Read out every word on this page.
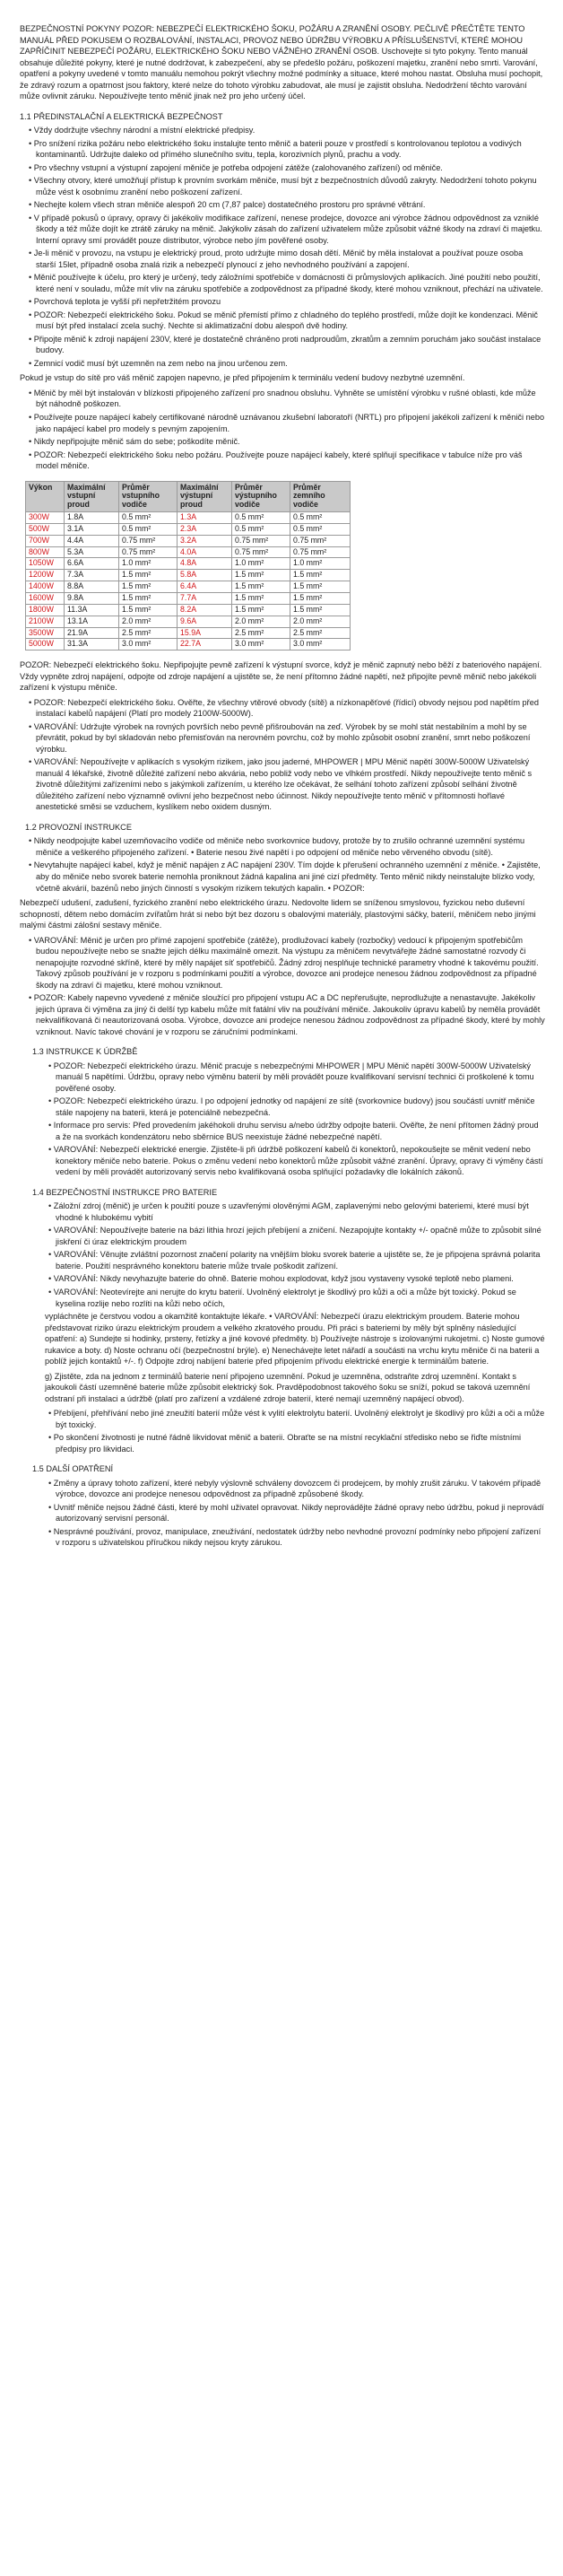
BEZPEČNOSTNÍ POKYNY POZOR: NEBEZPEČÍ ELEKTRICKÉHO ŠOKU, POŽÁRU A ZRANĚNÍ OSOBY. PEČLIVĚ PŘEČTĚTE TENTO MANUÁL PŘED POKUSEM O ROZBALOVÁNÍ, INSTALACI, PROVOZ NEBO ÚDRŽBU VÝROBKU A PŘÍSLUŠENSTVÍ, KTERÉ MOHOU ZAPŘÍČINIT NEBEZPEČÍ POŽÁRU, ELEKTRICKÉHO ŠOKU NEBO VÁŽNÉHO ZRANĚNÍ OSOB. Uschovejte si tyto pokyny. Tento manuál obsahuje důležité pokyny, které je nutné dodržovat, k zabezpečení, aby se předešlo požáru, poškození majetku, zranění nebo smrti. Varování, opatření a pokyny uvedené v tomto manuálu nemohou pokrýt všechny možné podmínky a situace, které mohou nastat. Obsluha musí pochopit, že zdravý rozum a opatrnost jsou faktory, které nelze do tohoto výrobku zabudovat, ale musí je zajistit obsluha. Nedodržení těchto varování může ovlivnit záruku. Nepoužívejte tento měnič jinak než pro jeho určený účel.

1.1 PŘEDINSTALAČNÍ A ELEKTRICKÁ BEZPEČNOST

• Vždy dodržujte všechny národní a místní elektrické předpisy.

• Pro snížení rizika požáru nebo elektrického šoku instalujte tento měnič a baterii pouze v prostředí s kontrolovanou teplotou a vodivých kontaminantů. Udržujte daleko od přímého slunečního svitu, tepla, korozivních plynů, prachu a vody.

• Pro všechny vstupní a výstupní zapojení měniče je potřeba odpojení zátěže (zalohovaného zařízení) od měniče.

• Všechny otvory, které umožňují přístup k provním svorkám měniče, musí být z bezpečnostních důvodů zakryty. Nedodržení tohoto pokynu může vést k osobnímu zranění nebo poškození zařízení.

• Nechejte kolem všech stran měniče alespoň 20 cm (7,87 palce) dostatečného prostoru pro správné větrání.

• V případě pokusů o úpravy, opravy či jakékoliv modifikace zařízení, nenese prodejce, dovozce ani výrobce žádnou odpovědnost za vzniklé škody a též může dojít ke ztrátě záruky na měnič. Jakýkoliv zásah do zařízení uživatelem může způsobit vážné škody na zdraví či majetku. Interní opravy smí provádět pouze distributor, výrobce nebo jím pověřené osoby.

• Je-li měnič v provozu, na vstupu je elektrický proud, proto udržujte mimo dosah dětí. Měnič by měla instalovat a používat pouze osoba starší 15let, případně osoba znalá rizik a nebezpečí plynoucí z jeho nevhodného používání a zapojení.

• Měnič používejte k účelu, pro který je určený, tedy záložními spotřebiče v domácnosti či průmyslových aplikacích. Jiné použití nebo použití, které není v souladu, může mít vliv na záruku spotřebiče a zodpovědnost za případné škody, které mohou vzniknout, přechází na uživatele.

• Povrchová teplota je vyšší při nepřetržitém provozu

• POZOR: Nebezpečí elektrického šoku. Pokud se měnič přemístí přímo z chladného do teplého prostředí, může dojít ke kondenzaci. Měnič musí být před instalací zcela suchý. Nechte si aklimatizační dobu alespoň dvě hodiny.

• Připojte měnič k zdroji napájení 230V, které je dostatečně chráněno proti nadproudům, zkratům a zemním poruchám jako součást instalace budovy.

• Zemnicí vodič musí být uzemněn na zem nebo na jinou určenou zem.

Pokud je vstup do sítě pro váš měnič zapojen napevno, je před připojením k terminálu vedení budovy nezbytné uzemnění.

• Měnič by měl být instalován v blízkosti připojeného zařízení pro snadnou obsluhu. Vyhněte se umístění výrobku v rušné oblasti, kde může být náhodně poškozen.

• Používejte pouze napájecí kabely certifikované národně uznávanou zkušební laboratoří (NRTL) pro připojení jakékoli zařízení k měniči nebo jako napájecí kabel pro modely s pevným zapojením.

• Nikdy nepřipojujte měnič sám do sebe; poškodíte měnič.

• POZOR: Nebezpečí elektrického šoku nebo požáru. Používejte pouze napájecí kabely, které splňují specifikace v tabulce níže pro váš model měniče.

Výkon	Maximální vstupní proud	Průměr vstupního vodiče	Maximální výstupní proud	Průměr výstupního vodiče	Průměr zemního vodiče
300W	1.8A	0.5 mm²	1.3A	0.5 mm²	0.5 mm²
500W	3.1A	0.5 mm²	2.3A	0.5 mm²	0.5 mm²
700W	4.4A	0.75 mm²	3.2A	0.75 mm²	0.75 mm²
800W	5.3A	0.75 mm²	4.0A	0.75 mm²	0.75 mm²
1050W	6.6A	1.0 mm²	4.8A	1.0 mm²	1.0 mm²
1200W	7.3A	1.5 mm²	5.8A	1.5 mm²	1.5 mm²
1400W	8.8A	1.5 mm²	6.4A	1.5 mm²	1.5 mm²
1600W	9.8A	1.5 mm²	7.7A	1.5 mm²	1.5 mm²
1800W	11.3A	1.5 mm²	8.2A	1.5 mm²	1.5 mm²
2100W	13.1A	2.0 mm²	9.6A	2.0 mm²	2.0 mm²
3500W	21.9A	2.5 mm²	15.9A	2.5 mm²	2.5 mm²
5000W	31.3A	3.0 mm²	22.7A	3.0 mm²	3.0 mm²

POZOR: Nebezpečí elektrického šoku. Nepřipojujte pevně zařízení k výstupní svorce, když je měnič zapnutý nebo běží z bateriového napájení. Vždy vypněte zdroj napájení, odpojte od zdroje napájení a ujistěte se, že není přítomno žádné napětí, než připojíte pevně měnič nebo jakékoli zařízení k výstupu měniče.

• POZOR: Nebezpečí elektrického šoku. Ověřte, že všechny vtěrové obvody (sítě) a nízkonapěťové (řídicí) obvody nejsou pod napětím před instalací kabelů napájení (Platí pro modely 2100W-5000W).

• VAROVÁNÍ: Udržujte výrobek na rovných površích nebo pevně přišroubován na zeď. Výrobek by se mohl stát nestabilním a mohl by se převrátit, pokud by byl skladován nebo přemisťován na nerovném povrchu, což by mohlo způsobit osobní zranění, smrt nebo poškození výrobku.

• VAROVÁNÍ: Nepoužívejte v aplikacích s vysokým rizikem, jako jsou jaderné, MHPOWER | MPU Měnič napětí 300W-5000W Uživatelský manuál 4 lékařské, životně důležité zařízení nebo akvária, nebo pobliž vody nebo ve vlhkém prostředí. Nikdy nepoužívejte tento měnič s životně důležitými zařízeními nebo s jakýmkoli zařízením, u kterého lze očekávat, že selhání tohoto zařízení způsobí selhání životně důležitého zařízení nebo významně ovlivní jeho bezpečnost nebo účinnost. Nikdy nepoužívejte tento měnič v přítomnosti hořlavé anestetické směsi se vzduchem, kyslíkem nebo oxidem dusným.

1.2 PROVOZNÍ INSTRUKCE

• Nikdy neodpojujte kabel uzemňovacího vodiče od měniče nebo svorkovnice budovy, protože by to zrušilo ochranné uzemnění systému měniče a veškerého připojeného zařízení. • Baterie nesou živé napětí i po odpojení od měniče nebo věrveného obvodu (sítě).

• Nevytahujte napájecí kabel, když je měnič napájen z AC napájení 230V. Tím dojde k přerušení ochranného uzemnění z měniče. • Zajistěte, aby do měniče nebo svorek baterie nemohla proniknout žádná kapalina ani jiné cizí předměty. Tento měnič nikdy neinstalujte blízko vody, včetně akvárií, bazénů nebo jiných činností s vysokým rizikem tekutých kapalin. • POZOR:

Nebezpečí udušení, zadušení, fyzického zranění nebo elektrického úrazu. Nedovolte lidem se sníženou smyslovou, fyzickou nebo duševní schopností, dětem nebo domácím zvířatům hrát si nebo být bez dozoru s obalovými materiály, plastovými sáčky, baterií, měničem nebo jinými malými částmi zálošní sestavy měniče.

• VAROVÁNÍ: Měnič je určen pro přímé zapojení spotřebiče (zátěže), prodlužovací kabely (rozbočky) vedoucí k připojeným spotřebičům budou nepoužívejte nebo se snažte jejich délku maximálně omezit. Na výstupu za měničem nevytvářejte žádné samostatné rozvody či nenapojujte rozvodné skříně, které by měly napájet síť spotřebičů. Žádný zdroj nesplňuje technické parametry vhodné k takovému použití. Takový způsob používání je v rozporu s podmínkami použití a výrobce, dovozce ani prodejce nenesou žádnou zodpovědnost za případné škody na zdraví či majetku, které mohou vzniknout.

• POZOR: Kabely napevno vyvedené z měniče sloužící pro připojení vstupu AC a DC nepřerušujte, neprodlužujte a nenastavujte. Jakékoliv jejich úprava či výměna za jiný či delší typ kabelu může mít fatální vliv na používání měniče. Jakoukoliv úpravu kabelů by neměla provádět nekvalifikovaná či neautorizovaná osoba. Výrobce, dovozce ani prodejce nenesou žádnou zodpovědnost za případné škody, které by mohly vzniknout. Navíc takové chování je v rozporu se záručními podmínkami.

1.3 INSTRUKCE K ÚDRŽBĚ

• POZOR: Nebezpečí elektrického úrazu. Měnič pracuje s nebezpečnými MHPOWER | MPU Měnič napětí 300W-5000W Uživatelský manuál 5 napětími. Údržbu, opravy nebo výměnu baterií by měli provádět pouze kvalifikovaní servisní technici či proškolené k tomu pověřené osoby.

• POZOR: Nebezpečí elektrického úrazu. I po odpojení jednotky od napájení ze sítě (svorkovnice budovy) jsou součástí uvnitř měniče stále napojeny na baterii, která je potenciálně nebezpečná.

• Informace pro servis: Před provedením jakéhokoli druhu servisu a/nebo údržby odpojte baterii. Ověřte, že není přítomen žádný proud a že na svorkách kondenzátoru nebo sběrnice BUS neexistuje žádné nebezpečné napětí.

• VAROVÁNÍ: Nebezpečí elektrické energie. Zjistěte-li při údržbě poškození kabelů či konektorů, nepokoušejte se měnit vedení nebo konektory měniče nebo baterie. Pokus o změnu vedení nebo konektorů může způsobit vážné zranění. Úpravy, opravy či výměny částí vedení by měli provádět autorizovaný servis nebo kvalifikovaná osoba splňující požadavky dle lokálních zákonů.

1.4 BEZPEČNOSTNÍ INSTRUKCE PRO BATERIE

• Záložní zdroj (měnič) je určen k použití pouze s uzavřenými olověnými AGM, zaplavenými nebo gelovými bateriemi, které musí být vhodné k hlubokému vybití

• VAROVÁNÍ: Nepoužívejte baterie na bázi lithia hrozí jejich přebíjení a zničení. Nezapojujte kontakty +/- opačně může to způsobit silné jiskření či úraz elektrickým proudem

• VAROVÁNÍ: Věnujte zvláštní pozornost značení polarity na vnějším bloku svorek baterie a ujistěte se, že je připojena správná polarita baterie. Použití nesprávného konektoru baterie může trvale poškodit zařízení.

• VAROVÁNÍ: Nikdy nevyhazujte baterie do ohně. Baterie mohou explodovat, když jsou vystaveny vysoké teplotě nebo plameni.

• VAROVÁNÍ: Neotevírejte ani nerujte do krytu baterií. Uvolněný elektrolyt je škodlivý pro kůži a oči a může být toxický. Pokud se kyselina rozlije nebo rozlíti na kůži nebo očích,

vypláchněte je čerstvou vodou a okamžitě kontaktujte lékaře. • VAROVÁNÍ: Nebezpečí úrazu elektrickým proudem. Baterie mohou představovat riziko úrazu elektrickým proudem a velkého zkratového proudu. Při práci s bateriemi by měly být splněny následující opatření: a) Sundejte si hodinky, prsteny, řetízky a jiné kovové předměty. b) Používejte nástroje s izolovanými rukojetmi. c) Noste gumové rukavice a boty. d) Noste ochranu očí (bezpečnostní brýle). e) Nenechávejte letet nářadí a součásti na vrchu krytu měniče či na baterii a poblíž jejich kontaktů +/-. f) Odpojte zdroj nabíjení baterie před připojením přívodu elektrické energie k terminálům baterie.

g) Zjistěte, zda na jednom z terminálů baterie není připojeno uzemnění. Pokud je uzemněna, odstraňte zdroj uzemnění. Kontakt s jakoukoli částí uzemněné baterie může způsobit elektrický šok. Pravděpodobnost takového šoku se sníží, pokud se taková uzemnění odstraní při instalaci a údržbě (platí pro zařízení a vzdálené zdroje baterií, které nemají uzemněný napájecí obvod).

• Přebíjení, přehřívání nebo jiné zneužití baterií může vést k vylití elektrolytu baterií. Uvolněný elektrolyt je škodlivý pro kůži a oči a může být toxický.

• Po skončení životnosti je nutné řádně likvidovat měnič a baterii. Obraťte se na místní recyklační středisko nebo se řiďte místními předpisy pro likvidaci.

1.5 DALŠÍ OPATŘENÍ

• Změny a úpravy tohoto zařízení, které nebyly výslovně schváleny dovozcem či prodejcem, by mohly zrušit záruku. V takovém případě výrobce, dovozce ani prodejce nenesou odpovědnost za případně způsobené škody.

• Uvnitř měniče nejsou žádné části, které by mohl uživatel opravovat. Nikdy neprovádějte žádné opravy nebo údržbu, pokud ji neprovádí autorizovaný servisní personál.

• Nesprávné používání, provoz, manipulace, zneužívání, nedostatek údržby nebo nevhodné provozní podmínky nebo připojení zařízení v rozporu s uživatelskou příručkou nikdy nejsou kryty zárukou.
